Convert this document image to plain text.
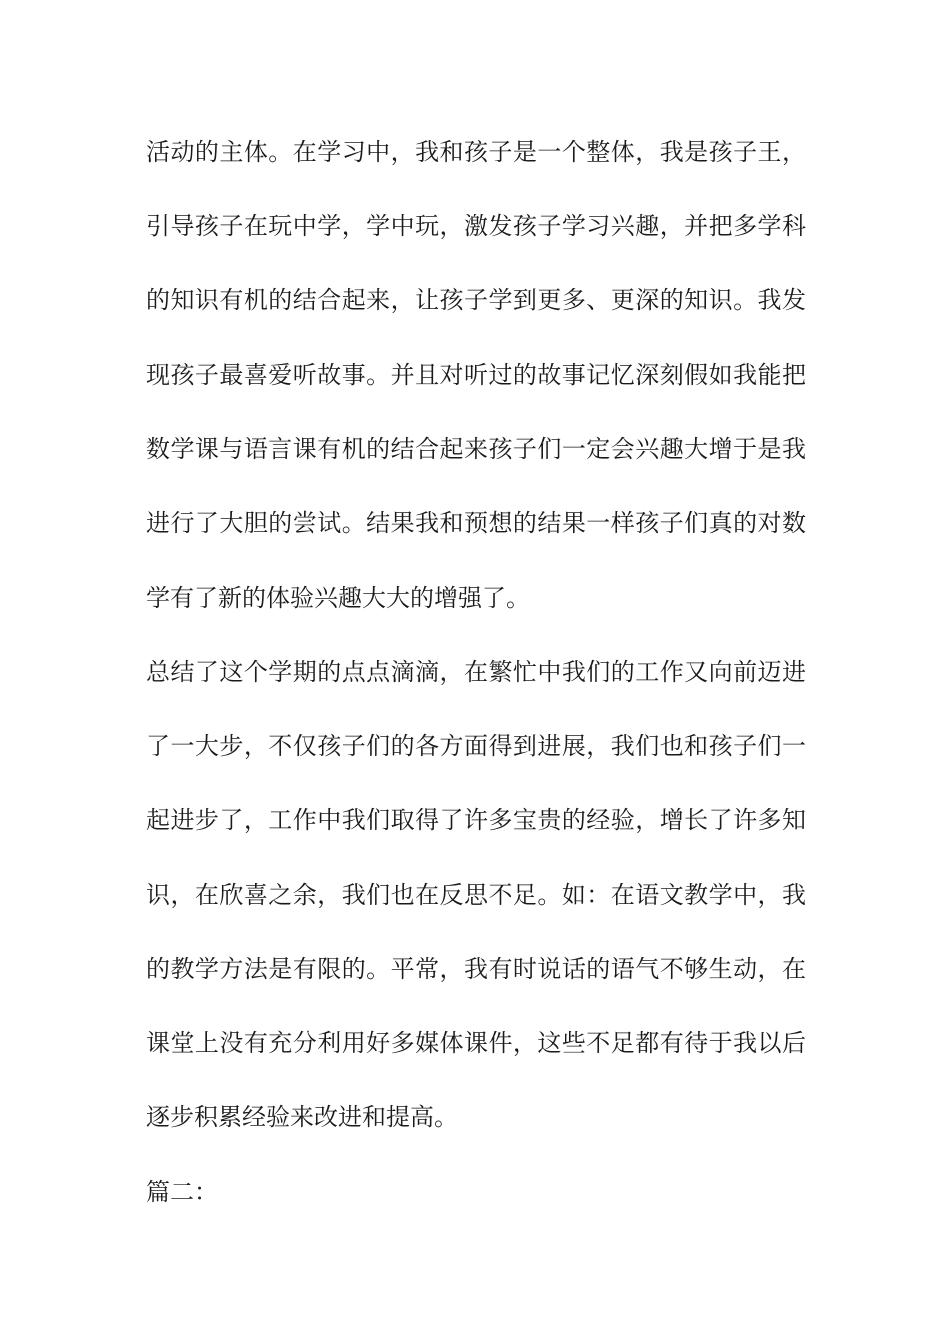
活动的主体。在学习中，我和孩子是一个整体，我是孩子王，
引导孩子在玩中学，学中玩，激发孩子学习兴趣，并把多学科
的知识有机的结合起来，让孩子学到更多、更深的知识。我发
现孩子最喜爱听故事。并且对听过的故事记忆深刻假如我能把
数学课与语言课有机的结合起来孩子们一定会兴趣大增于是我
进行了大胆的尝试。结果我和预想的结果一样孩子们真的对数
学有了新的体验兴趣大大的增强了。
总结了这个学期的点点滴滴，在繁忙中我们的工作又向前迈进
了一大步，不仅孩子们的各方面得到进展，我们也和孩子们一
起进步了，工作中我们取得了许多宝贵的经验，增长了许多知
识，在欣喜之余，我们也在反思不足。如：在语文教学中，我
的教学方法是有限的。平常，我有时说话的语气不够生动，在
课堂上没有充分利用好多媒体课件，这些不足都有待于我以后
逐步积累经验来改进和提高。
篇二：
